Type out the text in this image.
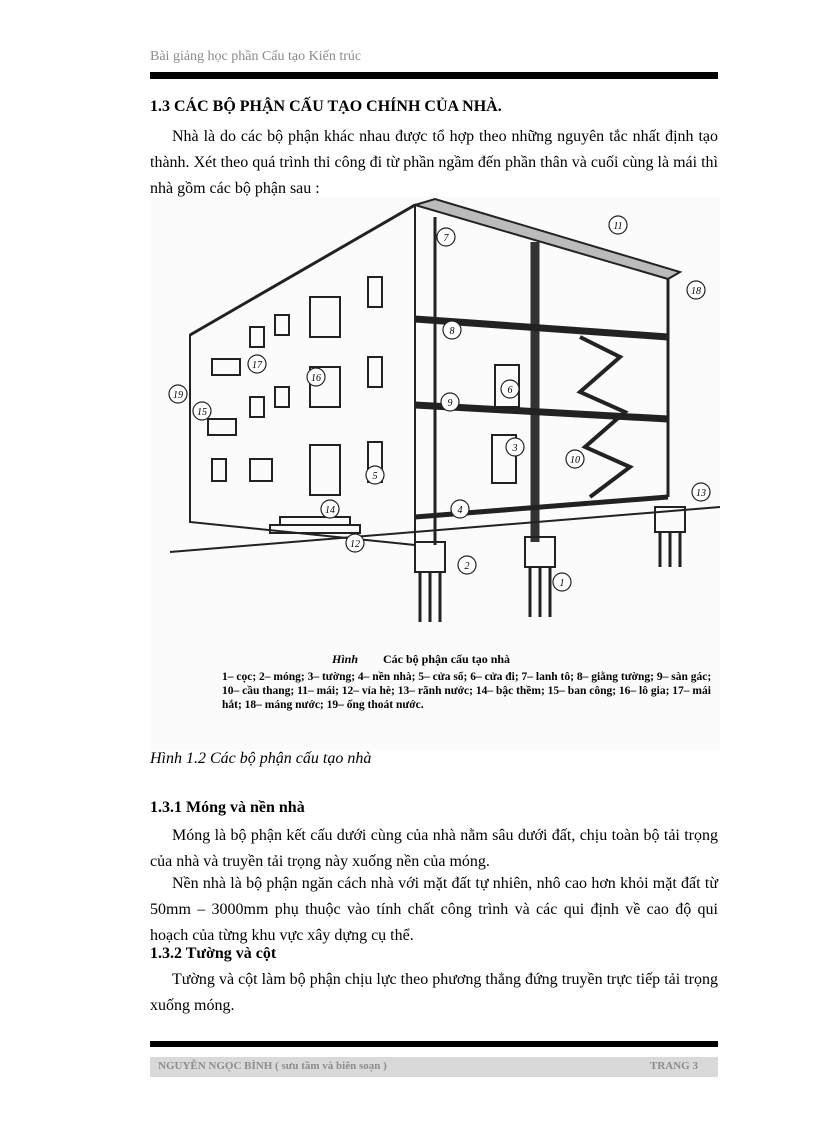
Bài giảng học phần Cấu tạo Kiến trúc
1.3 CÁC BỘ PHẬN CẤU TẠO CHÍNH CỦA NHÀ.
Nhà là do các bộ phận khác nhau được tổ hợp theo những nguyên tắc nhất định tạo thành. Xét theo quá trình thi công đi từ phần ngầm đến phần thân và cuối cùng là mái thì nhà gồm các bộ phận sau :
1
2
3
4
5
6
7
8
9
10
11
12
13
14
15
16
17
18
19
Hình Các bộ phận cấu tạo nhà
1– cọc; 2– móng; 3– tường; 4– nền nhà; 5– cửa sổ; 6– cửa đi; 7– lanh tô; 8– giằng tường; 9– sàn gác; 10– cầu thang; 11– mái; 12– vỉa hè; 13– rãnh nước; 14– bậc thềm; 15– ban công; 16– lô gia; 17– mái hắt; 18– máng nước; 19– ống thoát nước.
Hình 1.2 Các bộ phận cấu tạo nhà
1.3.1 Móng và nền nhà
Móng là bộ phận kết cấu dưới cùng của nhà nằm sâu dưới đất, chịu toàn bộ tải trọng của nhà và truyền tải trọng này xuống nền của móng.
Nền nhà là bộ phận ngăn cách nhà với mặt đất tự nhiên, nhô cao hơn khỏi mặt đất từ 50mm – 3000mm phụ thuộc vào tính chất công trình và các qui định về cao độ qui hoạch của từng khu vực xây dựng cụ thể.
1.3.2 Tường và cột
Tường và cột làm bộ phận chịu lực theo phương thẳng đứng truyền trực tiếp tải trọng xuống móng.
NGUYỄN NGỌC BÌNH ( sưu tầm và biên soạn )	TRANG 3
